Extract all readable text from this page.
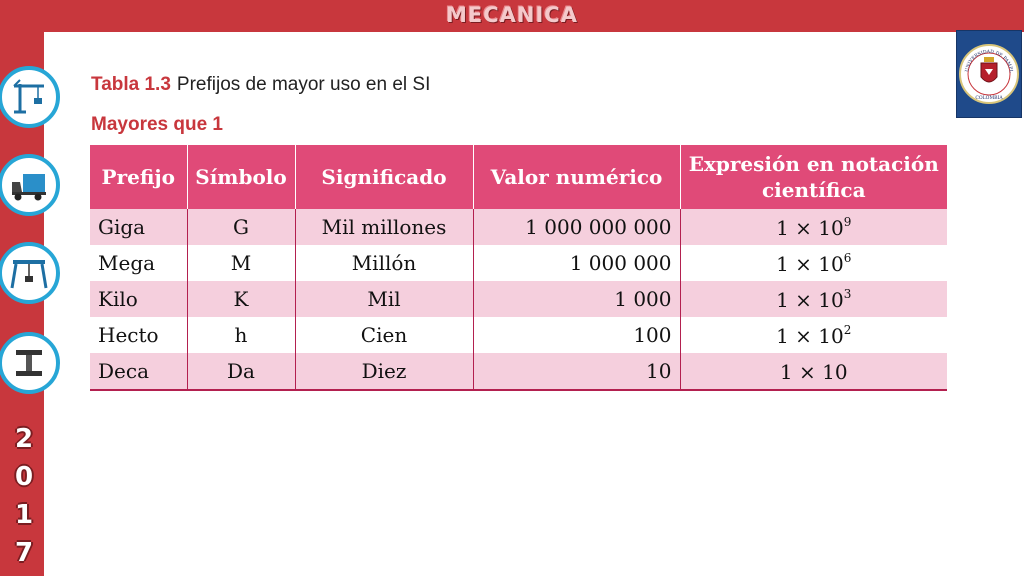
MECANICA
2
0
1
7
UNIVERSIDAD DE PAMPL
COLOMBIA
Tabla 1.3 Prefijos de mayor uso en el SI
Mayores que 1
Prefijo	Símbolo	Significado	Valor numérico	Expresión en notación científica
Giga	G	Mil millones	1 000 000 000	$1 \times 10^9$
Mega	M	Millón	1 000 000	$1 \times 10^6$
Kilo	K	Mil	1 000	$1 \times 10^3$
Hecto	h	Cien	100	$1 \times 10^2$
Deca	Da	Diez	10	1 × 10
